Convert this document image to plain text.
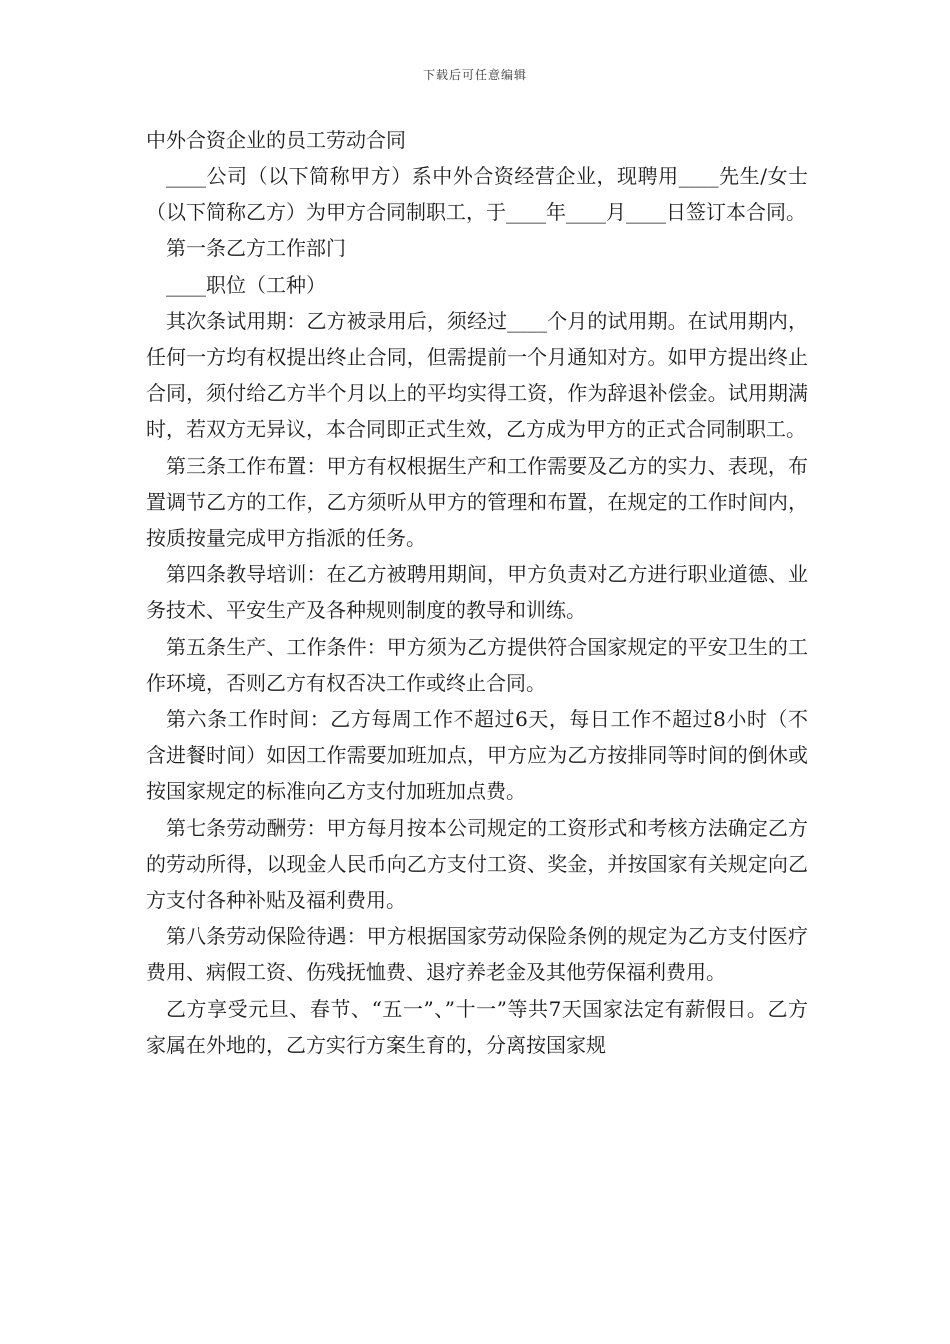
下载后可任意编辑
中外合资企业的员工劳动合同

____公司（以下简称甲方）系中外合资经营企业，现聘用____先生/女士（以下简称乙方）为甲方合同制职工，于____年____月____日签订本合同。

第一条乙方工作部门

____职位（工种）

其次条试用期：乙方被录用后，须经过____个月的试用期。在试用期内，任何一方均有权提出终止合同，但需提前一个月通知对方。如甲方提出终止合同，须付给乙方半个月以上的平均实得工资，作为辞退补偿金。试用期满时，若双方无异议，本合同即正式生效，乙方成为甲方的正式合同制职工。

第三条工作布置：甲方有权根据生产和工作需要及乙方的实力、表现，布置调节乙方的工作，乙方须听从甲方的管理和布置，在规定的工作时间内，按质按量完成甲方指派的任务。

第四条教导培训：在乙方被聘用期间，甲方负责对乙方进行职业道德、业务技术、平安生产及各种规则制度的教导和训练。

第五条生产、工作条件：甲方须为乙方提供符合国家规定的平安卫生的工作环境，否则乙方有权否决工作或终止合同。

第六条工作时间：乙方每周工作不超过6天，每日工作不超过8小时（不含进餐时间）如因工作需要加班加点，甲方应为乙方按排同等时间的倒休或按国家规定的标准向乙方支付加班加点费。

第七条劳动酬劳：甲方每月按本公司规定的工资形式和考核方法确定乙方的劳动所得，以现金人民币向乙方支付工资、奖金，并按国家有关规定向乙方支付各种补贴及福利费用。

第八条劳动保险待遇：甲方根据国家劳动保险条例的规定为乙方支付医疗费用、病假工资、伤残抚恤费、退疗养老金及其他劳保福利费用。

乙方享受元旦、春节、“五一”、”十一”等共7天国家法定有薪假日。乙方家属在外地的，乙方实行方案生育的，分离按国家规
